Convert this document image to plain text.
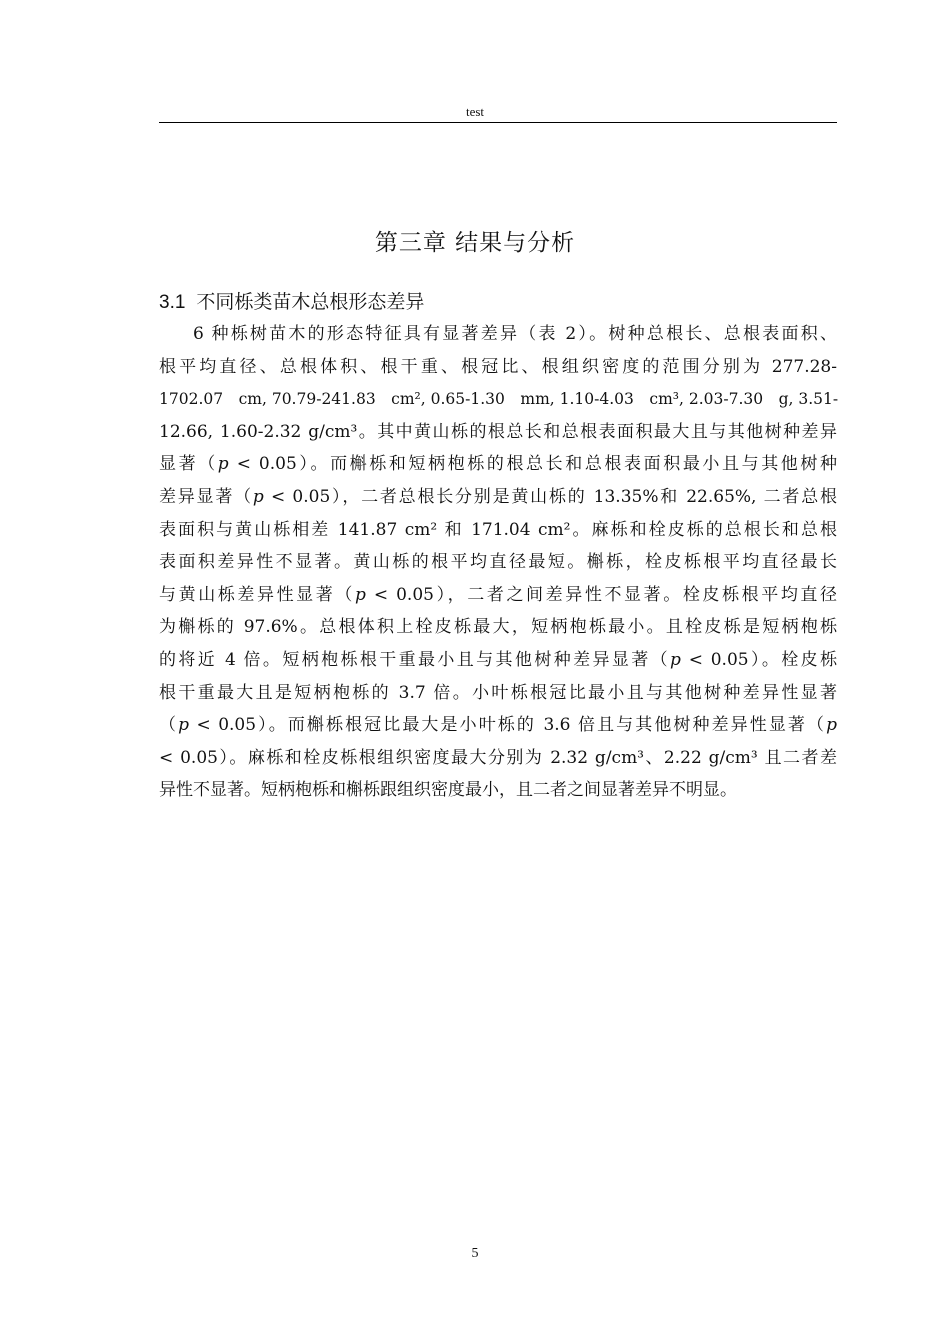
test
第三章 结果与分析
3.1 不同栎类苗木总根形态差异
6 种栎树苗木的形态特征具有显著差异（表 2）。树种总根长、总根表面积、
根平均直径、总根体积、根干重、根冠比、根组织密度的范围分别为 277.28-
1702.07　cm, 70.79-241.83　cm², 0.65-1.30　mm, 1.10-4.03　cm³, 2.03-7.30　g, 3.51-
12.66, 1.60-2.32 g/cm³。其中黄山栎的根总长和总根表面积最大且与其他树种差异
显著（p < 0.05）。而槲栎和短柄枹栎的根总长和总根表面积最小且与其他树种
差异显著（p < 0.05），二者总根长分别是黄山栎的 13.35%和 22.65%, 二者总根
表面积与黄山栎相差 141.87 cm² 和 171.04 cm²。麻栎和栓皮栎的总根长和总根
表面积差异性不显著。黄山栎的根平均直径最短。槲栎，栓皮栎根平均直径最长
与黄山栎差异性显著（p < 0.05），二者之间差异性不显著。栓皮栎根平均直径
为槲栎的 97.6%。总根体积上栓皮栎最大，短柄枹栎最小。且栓皮栎是短柄枹栎
的将近 4 倍。短柄枹栎根干重最小且与其他树种差异显著（p < 0.05）。栓皮栎
根干重最大且是短柄枹栎的 3.7 倍。小叶栎根冠比最小且与其他树种差异性显著
（p < 0.05）。而槲栎根冠比最大是小叶栎的 3.6 倍且与其他树种差异性显著（p
< 0.05）。麻栎和栓皮栎根组织密度最大分别为 2.32 g/cm³、2.22 g/cm³ 且二者差
异性不显著。短柄枹栎和槲栎跟组织密度最小，且二者之间显著差异不明显。
5
